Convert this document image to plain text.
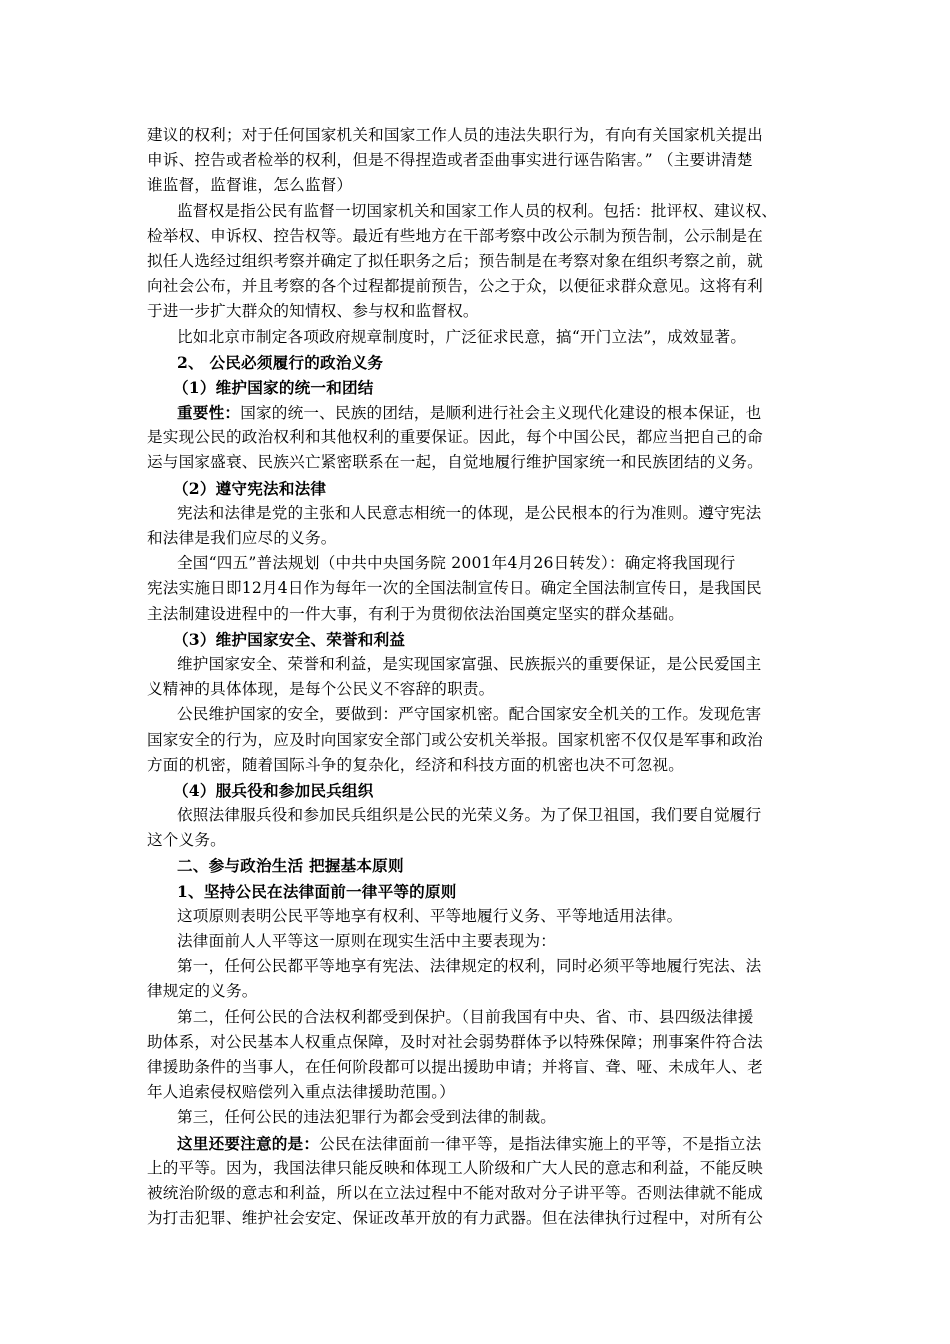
建议的权利；对于任何国家机关和国家工作人员的违法失职行为，有向有关国家机关提出
申诉、控告或者检举的权利，但是不得捏造或者歪曲事实进行诬告陷害。” （主要讲清楚
谁监督，监督谁，怎么监督）
监督权是指公民有监督一切国家机关和国家工作人员的权利。包括：批评权、建议权、
检举权、申诉权、控告权等。最近有些地方在干部考察中改公示制为预告制，公示制是在
拟任人选经过组织考察并确定了拟任职务之后；预告制是在考察对象在组织考察之前，就
向社会公布，并且考察的各个过程都提前预告，公之于众，以便征求群众意见。这将有利
于进一步扩大群众的知情权、参与权和监督权。
比如北京市制定各项政府规章制度时，广泛征求民意，搞“开门立法”，成效显著。
2、 公民必须履行的政治义务
（1）维护国家的统一和团结
重要性：国家的统一、民族的团结，是顺利进行社会主义现代化建设的根本保证，也
是实现公民的政治权利和其他权利的重要保证。因此，每个中国公民，都应当把自己的命
运与国家盛衰、民族兴亡紧密联系在一起，自觉地履行维护国家统一和民族团结的义务。
（2）遵守宪法和法律
宪法和法律是党的主张和人民意志相统一的体现，是公民根本的行为准则。遵守宪法
和法律是我们应尽的义务。
全国“四五”普法规划（中共中央国务院 2001年4月26日转发）：确定将我国现行
宪法实施日即12月4日作为每年一次的全国法制宣传日。确定全国法制宣传日，是我国民
主法制建设进程中的一件大事，有利于为贯彻依法治国奠定坚实的群众基础。
（3）维护国家安全、荣誉和利益
维护国家安全、荣誉和利益，是实现国家富强、民族振兴的重要保证，是公民爱国主
义精神的具体体现，是每个公民义不容辞的职责。
公民维护国家的安全，要做到：严守国家机密。配合国家安全机关的工作。发现危害
国家安全的行为，应及时向国家安全部门或公安机关举报。国家机密不仅仅是军事和政治
方面的机密，随着国际斗争的复杂化，经济和科技方面的机密也决不可忽视。
（4）服兵役和参加民兵组织
依照法律服兵役和参加民兵组织是公民的光荣义务。为了保卫祖国，我们要自觉履行
这个义务。
二、参与政治生活 把握基本原则
1、坚持公民在法律面前一律平等的原则
这项原则表明公民平等地享有权利、平等地履行义务、平等地适用法律。
法律面前人人平等这一原则在现实生活中主要表现为：
第一，任何公民都平等地享有宪法、法律规定的权利，同时必须平等地履行宪法、法
律规定的义务。
第二，任何公民的合法权利都受到保护。（目前我国有中央、省、市、县四级法律援
助体系，对公民基本人权重点保障，及时对社会弱势群体予以特殊保障；刑事案件符合法
律援助条件的当事人，在任何阶段都可以提出援助申请；并将盲、聋、哑、未成年人、老
年人追索侵权赔偿列入重点法律援助范围。）
第三，任何公民的违法犯罪行为都会受到法律的制裁。
这里还要注意的是：公民在法律面前一律平等，是指法律实施上的平等，不是指立法
上的平等。因为，我国法律只能反映和体现工人阶级和广大人民的意志和利益，不能反映
被统治阶级的意志和利益，所以在立法过程中不能对敌对分子讲平等。否则法律就不能成
为打击犯罪、维护社会安定、保证改革开放的有力武器。但在法律执行过程中，对所有公
